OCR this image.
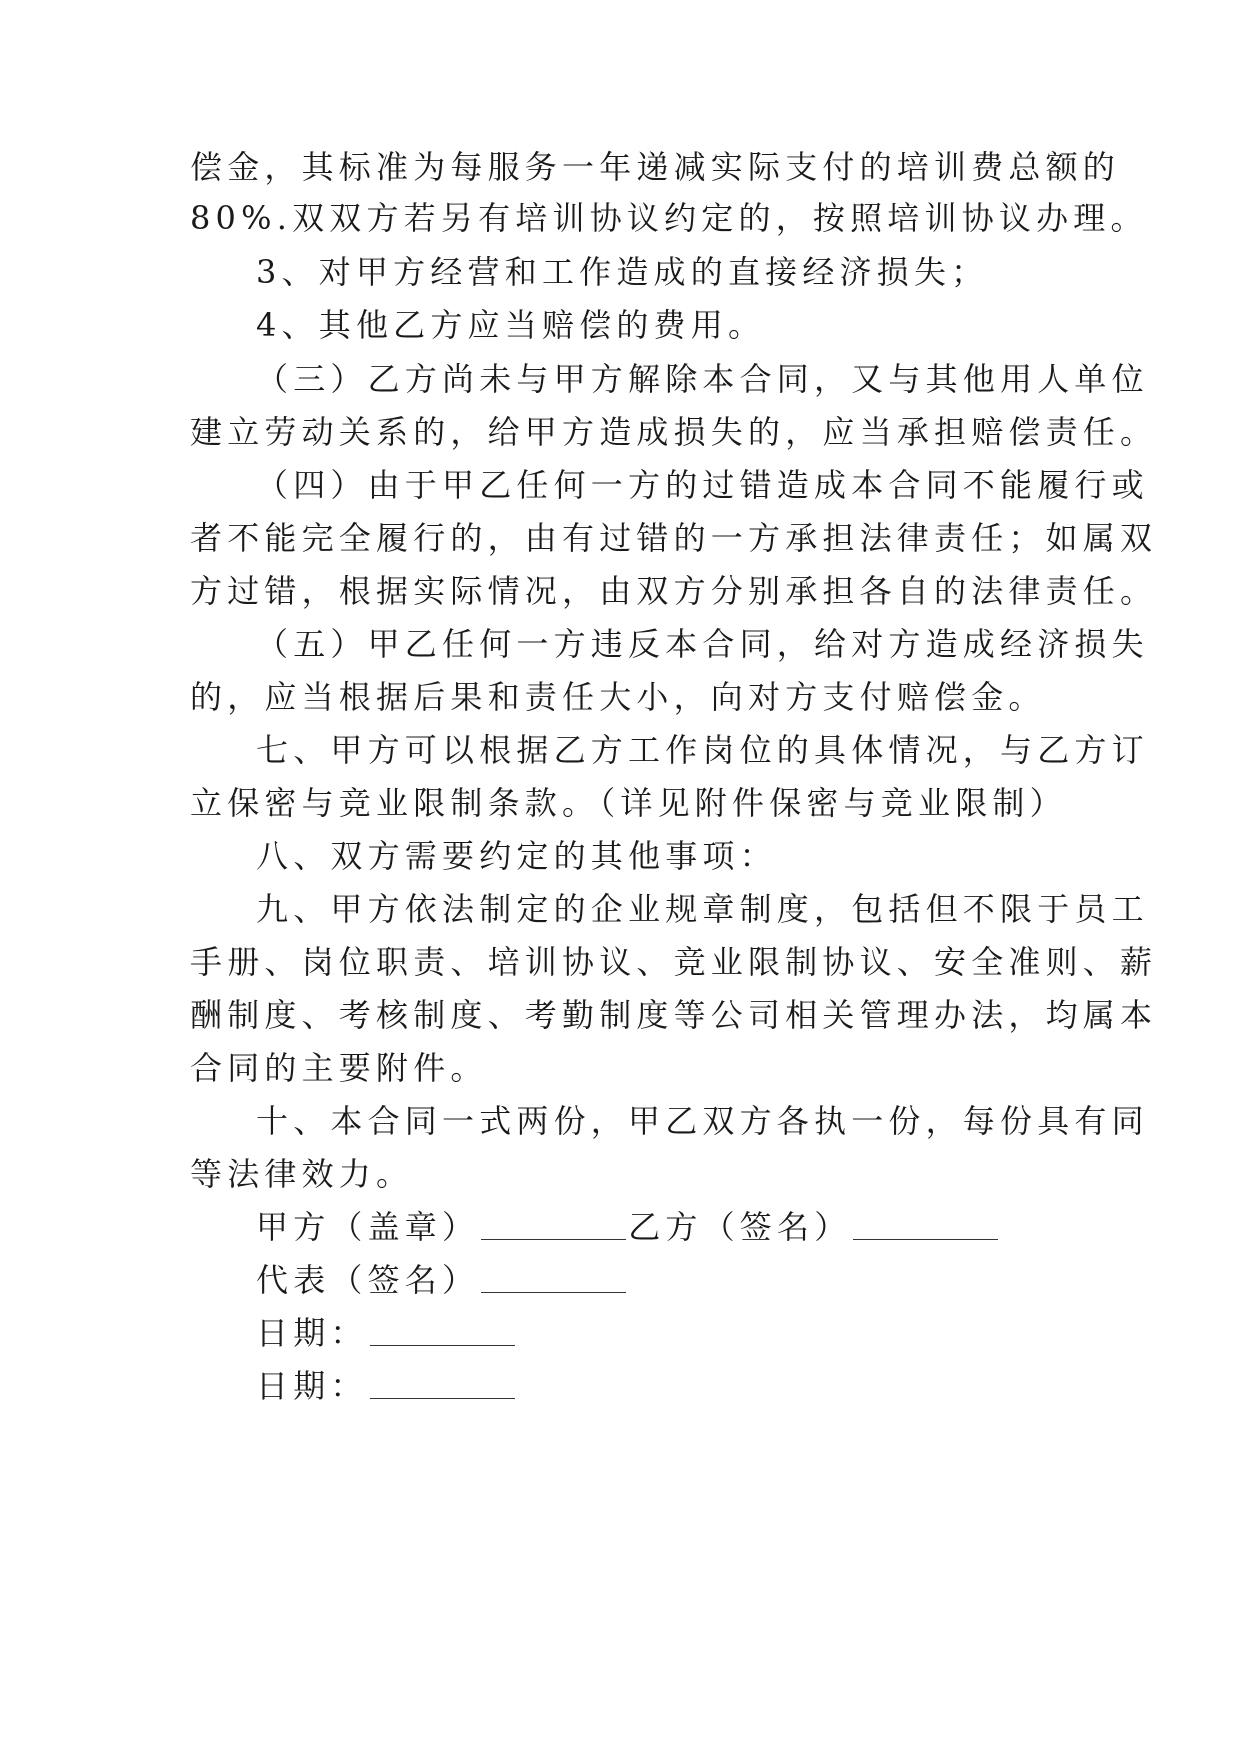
偿金，其标准为每服务一年递减实际支付的培训费总额的
80%.双双方若另有培训协议约定的，按照培训协议办理。
3、对甲方经营和工作造成的直接经济损失；
4、其他乙方应当赔偿的费用。
（三）乙方尚未与甲方解除本合同，又与其他用人单位
建立劳动关系的，给甲方造成损失的，应当承担赔偿责任。
（四）由于甲乙任何一方的过错造成本合同不能履行或
者不能完全履行的，由有过错的一方承担法律责任；如属双
方过错，根据实际情况，由双方分别承担各自的法律责任。
（五）甲乙任何一方违反本合同，给对方造成经济损失
的，应当根据后果和责任大小，向对方支付赔偿金。
七、甲方可以根据乙方工作岗位的具体情况，与乙方订
立保密与竞业限制条款。（详见附件保密与竞业限制）
八、双方需要约定的其他事项：
九、甲方依法制定的企业规章制度，包括但不限于员工
手册、岗位职责、培训协议、竞业限制协议、安全准则、薪
酬制度、考核制度、考勤制度等公司相关管理办法，均属本
合同的主要附件。
十、本合同一式两份，甲乙双方各执一份，每份具有同
等法律效力。
甲方（盖章）	乙方（签名）
代表（签名）
日期：
日期：
